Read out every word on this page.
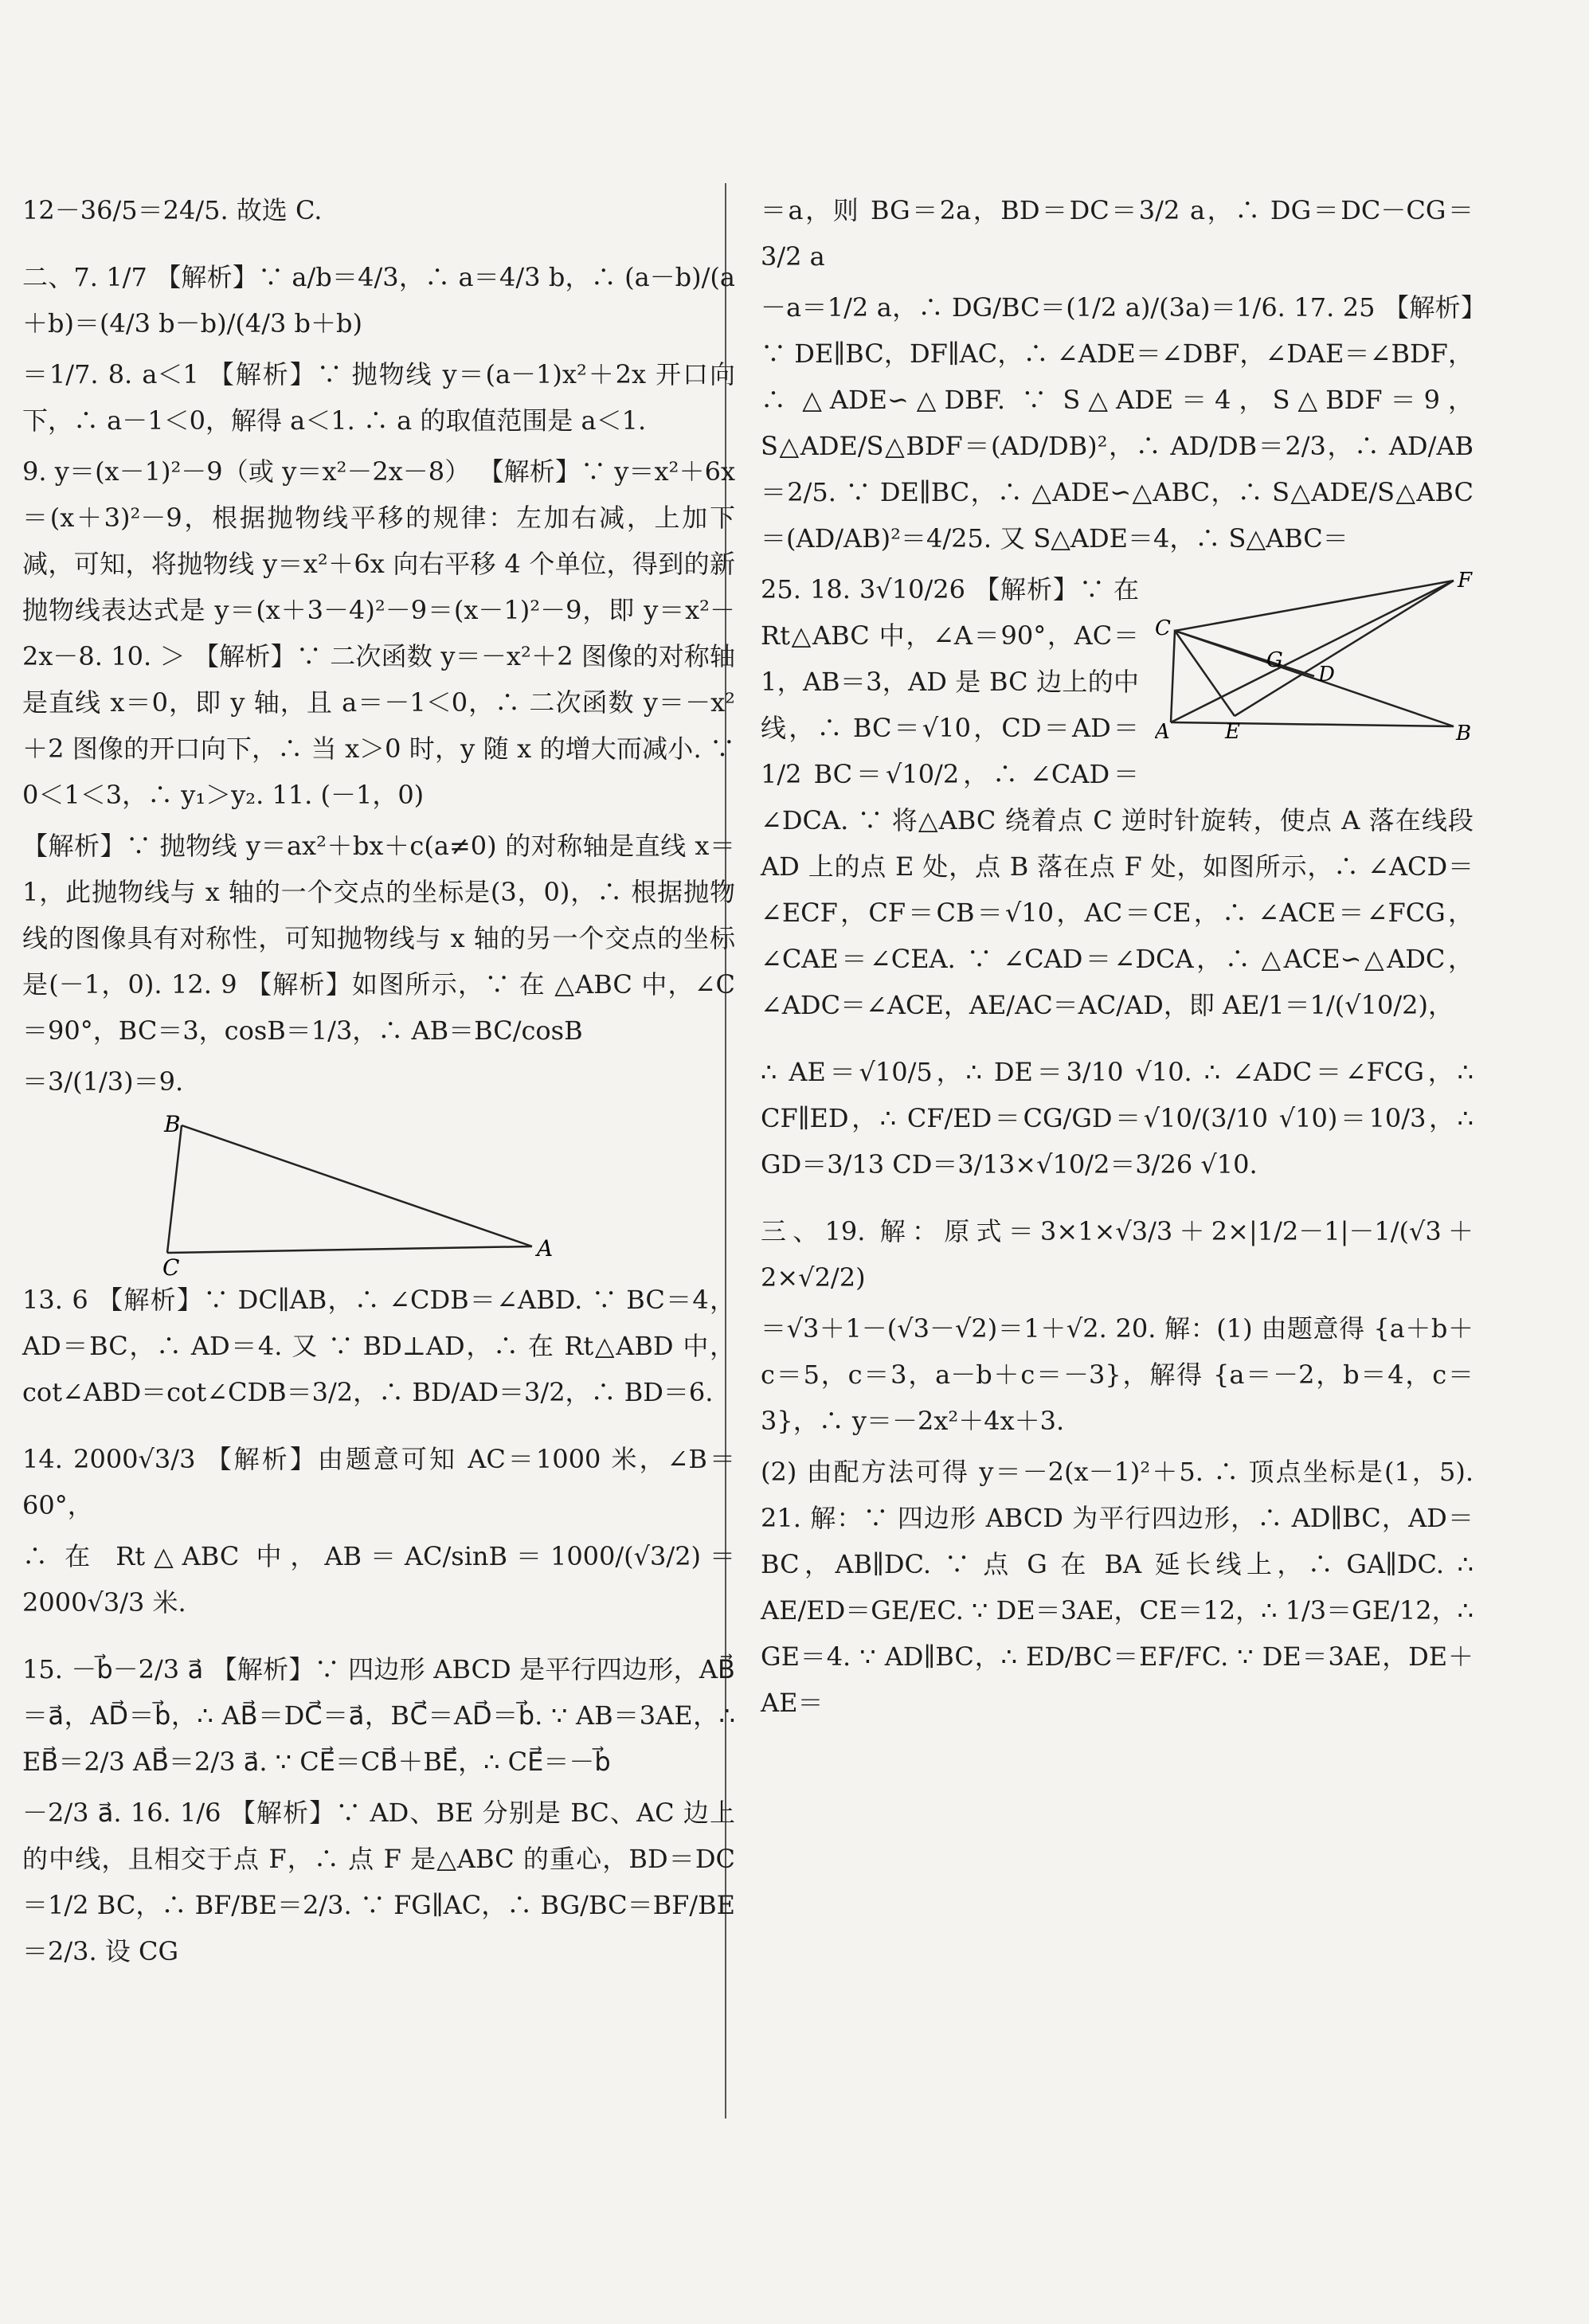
12－36/5＝24/5. 故选 C.

二、7. 1/7 【解析】∵ a/b＝4/3，∴ a＝4/3 b，∴ (a－b)/(a＋b)＝(4/3 b－b)/(4/3 b＋b)

＝1/7. 8. a＜1 【解析】∵ 抛物线 y＝(a－1)x²＋2x 开口向下，∴ a－1＜0，解得 a＜1. ∴ a 的取值范围是 a＜1.

9. y＝(x－1)²－9（或 y＝x²－2x－8） 【解析】∵ y＝x²＋6x＝(x＋3)²－9，根据抛物线平移的规律：左加右减，上加下减，可知，将抛物线 y＝x²＋6x 向右平移 4 个单位，得到的新抛物线表达式是 y＝(x＋3－4)²－9＝(x－1)²－9，即 y＝x²－2x－8. 10. ＞ 【解析】∵ 二次函数 y＝－x²＋2 图像的对称轴是直线 x＝0，即 y 轴，且 a＝－1＜0，∴ 二次函数 y＝－x²＋2 图像的开口向下，∴ 当 x＞0 时，y 随 x 的增大而减小. ∵ 0＜1＜3，∴ y₁＞y₂. 11. (－1，0)

【解析】∵ 抛物线 y＝ax²＋bx＋c(a≠0) 的对称轴是直线 x＝1，此抛物线与 x 轴的一个交点的坐标是(3，0)，∴ 根据抛物线的图像具有对称性，可知抛物线与 x 轴的另一个交点的坐标是(－1，0). 12. 9 【解析】如图所示，∵ 在 △ABC 中，∠C＝90°，BC＝3，cosB＝1/3，∴ AB＝BC/cosB

＝3/(1/3)＝9.

B
C
A

13. 6 【解析】∵ DC∥AB，∴ ∠CDB＝∠ABD. ∵ BC＝4，AD＝BC，∴ AD＝4. 又 ∵ BD⊥AD，∴ 在 Rt△ABD 中，cot∠ABD＝cot∠CDB＝3/2，∴ BD/AD＝3/2，∴ BD＝6.

14. 2000√3/3 【解析】由题意可知 AC＝1000 米，∠B＝60°，

∴ 在 Rt△ABC 中，AB＝AC/sinB＝1000/(√3/2)＝2000√3/3 米.

15. －b⃗－2/3 a⃗ 【解析】∵ 四边形 ABCD 是平行四边形，AB⃗＝a⃗，AD⃗＝b⃗，∴ AB⃗＝DC⃗＝a⃗，BC⃗＝AD⃗＝b⃗. ∵ AB＝3AE，∴ EB⃗＝2/3 AB⃗＝2/3 a⃗. ∵ CE⃗＝CB⃗＋BE⃗，∴ CE⃗＝－b⃗

－2/3 a⃗. 16. 1/6 【解析】∵ AD、BE 分别是 BC、AC 边上的中线，且相交于点 F，∴ 点 F 是△ABC 的重心，BD＝DC＝1/2 BC，∴ BF/BE＝2/3. ∵ FG∥AC，∴ BG/BC＝BF/BE＝2/3. 设 CG

＝a，则 BG＝2a，BD＝DC＝3/2 a，∴ DG＝DC－CG＝3/2 a

－a＝1/2 a，∴ DG/BC＝(1/2 a)/(3a)＝1/6. 17. 25 【解析】∵ DE∥BC，DF∥AC，∴ ∠ADE＝∠DBF，∠DAE＝∠BDF，∴ △ADE∽△DBF. ∵ S△ADE＝4，S△BDF＝9，S△ADE/S△BDF＝(AD/DB)²，∴ AD/DB＝2/3，∴ AD/AB＝2/5. ∵ DE∥BC，∴ △ADE∽△ABC，∴ S△ADE/S△ABC＝(AD/AB)²＝4/25. 又 S△ADE＝4，∴ S△ABC＝

F
C
G
D
A	E	B

25. 18. 3√10/26 【解析】∵ 在 Rt△ABC 中，∠A＝90°，AC＝1，AB＝3，AD 是 BC 边上的中线，∴ BC＝√10，CD＝AD＝1/2 BC＝√10/2，∴ ∠CAD＝∠DCA. ∵ 将△ABC 绕着点 C 逆时针旋转，使点 A 落在线段 AD 上的点 E 处，点 B 落在点 F 处，如图所示，∴ ∠ACD＝∠ECF，CF＝CB＝√10，AC＝CE，∴ ∠ACE＝∠FCG，∠CAE＝∠CEA. ∵ ∠CAD＝∠DCA，∴ △ACE∽△ADC，∠ADC＝∠ACE，AE/AC＝AC/AD，即 AE/1＝1/(√10/2)，

∴ AE＝√10/5，∴ DE＝3/10 √10. ∴ ∠ADC＝∠FCG，∴ CF∥ED，∴ CF/ED＝CG/GD＝√10/(3/10 √10)＝10/3，∴ GD＝3/13 CD＝3/13×√10/2＝3/26 √10.

三、19. 解：原式＝3×1×√3/3＋2×|1/2－1|－1/(√3＋2×√2/2)

＝√3＋1－(√3－√2)＝1＋√2. 20. 解：(1) 由题意得 {a＋b＋c＝5，c＝3，a－b＋c＝－3}，解得 {a＝－2，b＝4，c＝3}，∴ y＝－2x²＋4x＋3.

(2) 由配方法可得 y＝－2(x－1)²＋5. ∴ 顶点坐标是(1，5). 21. 解：∵ 四边形 ABCD 为平行四边形，∴ AD∥BC，AD＝BC，AB∥DC. ∵ 点 G 在 BA 延长线上，∴ GA∥DC. ∴ AE/ED＝GE/EC. ∵ DE＝3AE，CE＝12，∴ 1/3＝GE/12，∴ GE＝4. ∵ AD∥BC，∴ ED/BC＝EF/FC. ∵ DE＝3AE，DE＋AE＝
